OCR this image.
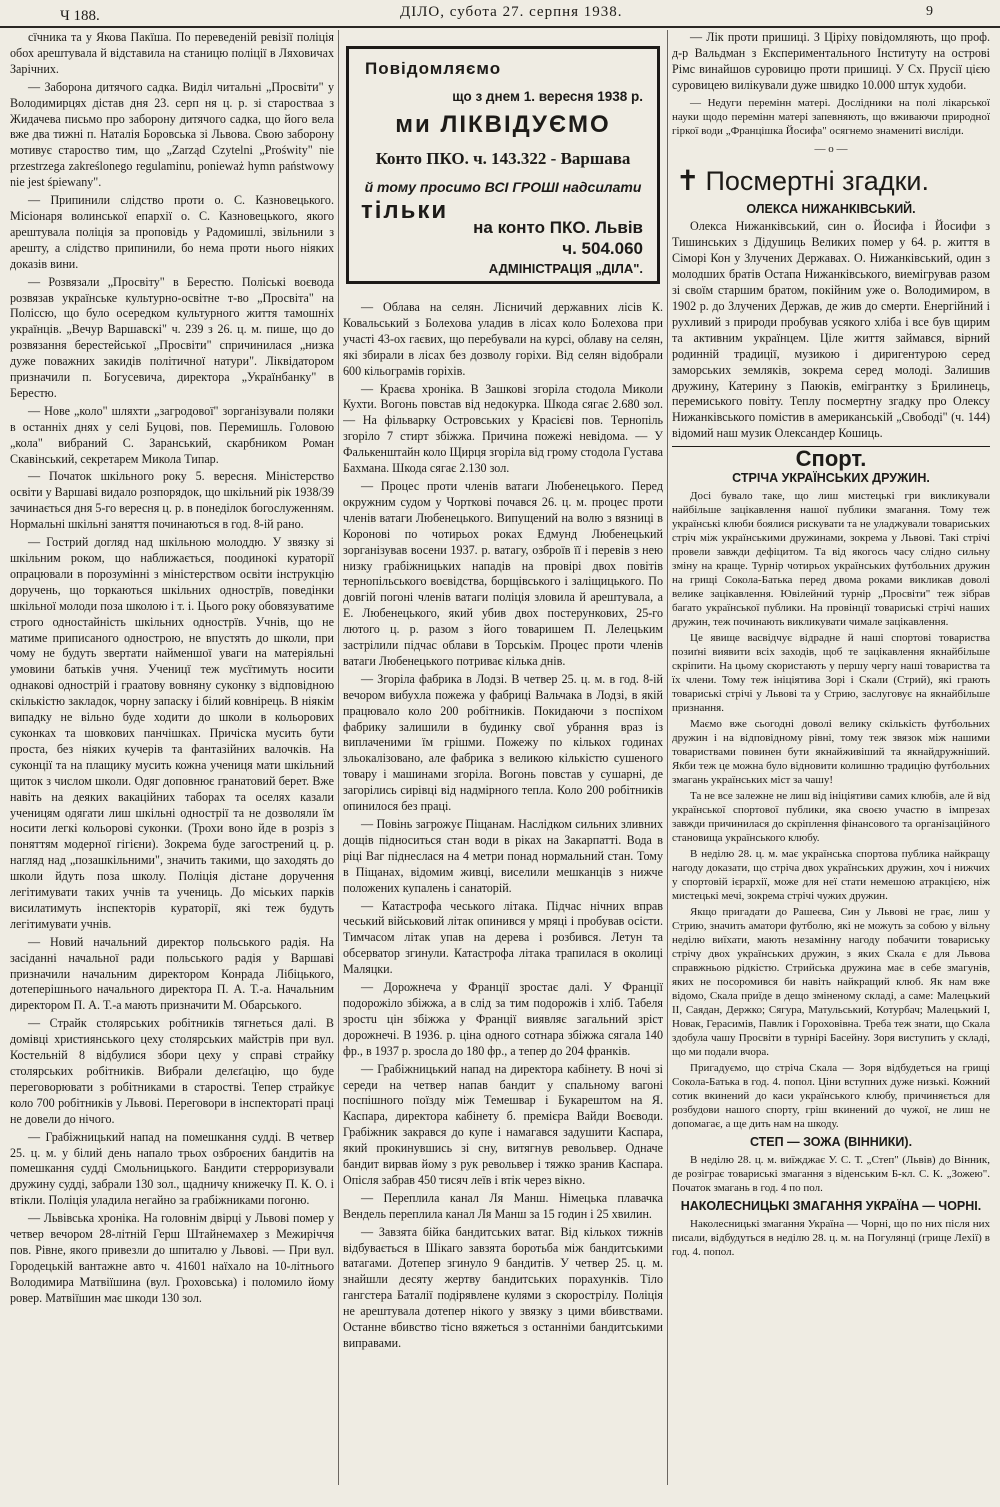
Ч 188.	ДІЛО, субота 27. серпня 1938.	9

сїчника та у Якова Пакїша. По переведеній ревізії поліція обох арештувала й відставила на станицю поліції в Ляховичах Зарічних.

— Заборона дитячого садка. Виділ читальні „Просвіти" у Володимирцях дістав дня 23. серп ня ц. р. зі старостваа з Жидачева письмо про заборону дитячого садка, що його вела вже два тижні п. Наталія Боровська зі Львова. Свою заборону мотивує староство тим, що „Zarząd Czytelni „Proświty" nie przestrzega zakreślonego regulaminu, ponieważ hymn państwowy nie jest śpiewany".

— Припинили слідство проти о. С. Казновецького. Місіонаря волинської епархії о. С. Казновецького, якого арештувала поліція за проповідь у Радомишлі, звільнили з арешту, а слідство припинили, бо нема проти нього ніяких доказів вини.

— Розвязали „Просвіту" в Берестю. Поліськi воєвода розвязав українське культурно-освітне т-во „Просвіта" на Поліссю, що було осередком культурного життя тамошніх українців. „Вечур Варшавскі" ч. 239 з 26. ц. м. пише, що до розвязання берестейської „Просвіти" спричинилася „низка дуже поважних закидів політичної натури". Ліквідатором призначили п. Богусевича, директора „Українбанку" в Берестю.

— Нове „коло" шляхти „загродової" зорганізували поляки в останніх днях у селі Буцові, пов. Перемишль. Головою „кола" вибраний С. Заранський, скарбником Роман Скавінський, секретарем Микола Типар.

— Початок шкільного року 5. вересня. Міністерство освіти у Варшаві видало розпорядок, що шкільний рік 1938/39 зачинається дня 5-го вересня ц. р. в понеділок богослуженням. Нормальні шкільні заняття починаються в год. 8-ій рано.

— Гострий догляд над шкільною молоддю. У звязку зі шкільним роком, що наближається, поодинокі кураторії опрацювали в порозумінні з міністерством освіти інструкцію доручень, що торкаються шкільних однострїв, поведінки шкільної молоди поза школою і т. і. Цього року обовязуватиме строго одностайність шкільних однострїв. Учнів, що не матиме приписаного однострою, не впустять до школи, при чому не будуть звертати найменшої уваги на матеріяльні умовини батьків учня. Ученицї теж мусїтимуть носити однакові однострій і граатову вовняну суконку з відповідною скількістю закладок, чорну запаску і білий ковнірець. В ніякім випадку не вільно буде ходити до школи в кольорових суконках та шовкових панчішках. Причіска мусить бути проста, без ніяких кучерів та фантазійних валочків. На суконції та на плащику мусить кожна учениця мати шкільний щиток з числом школи. Одяг доповнює гранатовий берет. Вже навіть на деяких вакаційних таборах та оселях казали ученицям одягати лиш шкільні однострії та не дозволяли їм носити легкі кольорові суконки. (Трохи воно йде в розріз з поняттям модерної гігієни). Зокрема буде загострений ц. р. нагляд над „позашкільними", значить такими, що заходять до школи йдуть поза школу. Поліція дістане доручення легітимувати таких учнів та учениць. До міських парків висилатимуть інспекторів кураторії, які теж будуть легітимувати учнів.

— Новий начальний директор польського радія. На засіданні начальної ради польського радія у Варшаві призначили начальним директором Конрада Лібіцького, дотеперішнього начального директора П. А. Т.-а. Начальним директором П. А. Т.-а мають призначити М. Обарського.

— Страйк столярських робітників тягнеться далі. В домівці християнського цеху столярських майстрів при вул. Костельній 8 відбулися збори цеху у справі страйку столярських робітників. Вибрали делєґацію, що буде переговорювати з робітниками в старостві. Тепер страйкує коло 700 робітників у Львові. Переговори в інспектораті праці не довели до нічого.

— Грабіжницький напад на помешкання судді. В четвер 25. ц. м. у білий день напало трьох озброєних бандитів на помешкання судді Смольницького. Бандити стерроризували дружину судді, забрали 130 зол., щадничу книжечку П. К. О. і втікли. Поліція уладила негайно за грабіжниками погоню.

— Львівська хроніка. На головнім двірці у Львові помер у четвер вечором 28-літній Герш Штайнемахер з Межиріччя пов. Рівне, якого привезли до шпиталю у Львові. — При вул. Городецькій вантажне авто ч. 41601 наїхало на 10-літнього Володимира Матвіїшина (вул. Гроховська) і поломило йому ровер. Матвіїшин має шкоди 130 зол.

Повідомляємо
що з днем 1. вересня 1938 р.
ми ЛІКВІДУЄМО
Конто ПКО. ч. 143.322 - Варшава
й тому просимо ВСІ ГРОШІ надсилати
тільки
на конто ПКО. Львів
ч. 504.060
АДМІНІСТРАЦІЯ „ДІЛА".

— Облава на селян. Лісничий державних лісів К. Ковальський з Болехова уладив в лісах коло Болехова при участі 43-ох гаєвих, що перебували на курсі, облаву на селян, які збирали в лісах без дозволу горіхи. Від селян відобрали 600 кільограмів горіхів.

— Краєва хроніка. В Зашкові згоріла стодола Миколи Кухти. Вогонь повстав від недокурка. Шкода сягає 2.680 зол. — На фільварку Островських у Красієві пов. Тернопіль згоріло 7 стирт збіжжа. Причина пожежі невідома. — У Фалькенштайн коло Щирця згоріла від грому стодола Густава Бахмана. Шкода сягає 2.130 зол.

— Процес проти членів ватаги Любенецького. Перед окружним судом у Чорткові почався 26. ц. м. процес проти членів ватаги Любенецького. Випущений на волю з вязниці в Коронові по чотирьох роках Едмунд Любенецький зорганізував восени 1937. р. ватагу, озброїв її і перевів з нею низку грабіжницьких нападів на провірі двох повітів тернопільського воєвідства, борщівського і заліщицького. По довгій погоні членів ватаги поліція зловила й арештувала, а Е. Любенецького, який убив двох постерунковиx, 25-го лютого ц. р. разом з його товаришем П. Лелецьким застрілили підчас облави в Торськім. Процес проти членів ватаги Любенецького потриває кілька днів.

— Згоріла фабрика в Лодзі. В четвер 25. ц. м. в год. 8-ій вечором вибухла пожежа у фабриці Вальчака в Лодзі, в якій працювало коло 200 робітників. Покидаючи з поспіхом фабрику залишили в будинку свої убрання враз із виплаченими їм грішми. Пожежу по кількох годинах зльокалізовано, але фабрика з великою кількістю сушеного товару і машинами згоріла. Вогонь повстав у сушарні, де загорілись сирівці від надмірного тепла. Коло 200 робітників опинилося без праці.

— Повінь загрожує Піщанам. Наслідком сильних зливних дощів підноситься стан води в ріках на Закарпатті. Вода в ріці Ваг піднеслася на 4 метри понад нормальний стан. Тому в Піщанах, відомим живці, виселили мешканців з нижче положених купалень і санаторій.

— Катастрофа чеського літака. Підчас нічних вправ чеський військовий літак опинився у мряці і пробував осісти. Тимчасом літак упав на дерева і розбився. Летун та обсерватор згинули. Катастрофа літака трапилася в околиці Маляцки.

— Дорожнеча у Франції зростає далі. У Франції подорожіло збіжжа, а в слід за тим подорожів і хліб. Табеля зростu цін збіжжа у Франції виявляє загальний зріст дорожнечі. В 1936. р. ціна одного сотнара збіжжа сягала 140 фр., в 1937 р. зросла до 180 фр., а тепер до 204 франків.

— Грабіжницький напад на директора кабінету. В ночі зі середи на четвер напав бандит у спальному вагоні поспішного поїзду між Темешвар і Букарештом на Я. Каспара, директора кабінету б. премієра Вайди Воєводи. Грабіжник закрався до купе і намагався задушити Каспара, який прокинувшись зі сну, витягнув револьвер. Одначе бандит вирвав йому з рук револьвер і тяжко зранив Каспара. Опісля забрав 450 тисяч леїв і втік через вікно.

— Переплила канал Ля Манш. Німецька плавачка Вендель переплила канал Ля Манш за 15 годин і 25 хвилин.

— Завзята бійка бандитських ватаг. Від кількох тижнів відбувається в Шікаго завзята боротьба між бандитськими ватагами. Дотепер згинуло 9 бандитів. У четвер 25. ц. м. знайшли десяту жертву бандитських порахунків. Тіло гангстера Баталії подірявлене кулями з скорострілу. Поліція не арештувала дотепер нікого у звязку з цими вбивствами. Останне вбивство тісно вяжеться з останніми бандитськими виправами.

— Лік проти пришиці. З Ціріху повідомляють, що проф. д-р Вальдман з Експериментального Інституту на острові Рімс винайшов суровицю проти пришиці. У Сх. Прусії цією суровицею вилікували дуже швидко 10.000 штук худоби.

— Недуги перемінн матері. Дослідники на полі лікарської науки щодо перемінн матері запевняють, що вживаючи природної гіркої води „Францішка Йосифа" осягнемо знаменитi висліди.

— о —
✝ Посмертні згадки.
ОЛЕКСА НИЖАНКІВСЬКИЙ.

Олекса Нижанківський, син о. Йосифа і Йосифи з Тишинських з Дідушиць Великих помер у 64. р. життя в Сіморі Кон у Злучених Державах. О. Нижанківський, один з молодших братів Остапа Нижанківського, виемігрував разом зі своїм старшим братом, покійним уже о. Володимиром, в 1902 р. до Злучених Держав, де жив до смерти. Енергійний і рухливий з природи пробував усякого хліба і все був щирим та активним українцем. Ціле життя займався, вірний родинній традиції, музикою і диригентурою серед заморських земляків, зокрема серед молоді. Залишив дружину, Катерину з Паюків, емігрантку з Брилинець, перемиського повіту. Теплу посмертну згадку про Олексу Нижанківського помістив в американській „Свободі" (ч. 144) відомий наш музик Олександер Кошиць.

Спорт.
СТРІЧА УКРАЇНСЬКИХ ДРУЖИН.

Досі бувало таке, що лиш мистецькі гри викликували найбільше зацікавлення нашої публики змагання. Тому теж українські клюби боялися рискувати та не уладжували товариських стріч між українськими дружинами, зокрема у Львові. Такі стрічі провели завжди дефіцитом. Та від якогось часу слідно сильну зміну на краще. Турнір чотирьох українських футбольних дружин на грищі Сокола-Батька перед двома роками викликав доволі велике зацікавлення. Ювілейний турнір „Просвіти" теж зібрав багато української публики. На провінції товариські стрічі наших дружин, теж починають викликувати чимале зацікавлення.

Це явище васвідчує відрадне й наші спортові товариства позиґні виявити всіх заходів, щоб те зацікавлення якнайбільше скріпити. На цьому скористають у першу чергу наші товариства та їх члени. Тому теж ініціятива Зорі і Скали (Стрий), які грають товариські стрічі у Львові та у Стрию, заслуговує на якнайбільше признання.

Маємо вже сьогодні доволі велику скількість футбольних дружин і на відповідному рівні, тому теж звязок між нашими товариствами повинен бути якнайживіший та якнайдружніший. Якби теж це можна було відновити колишню традицію футбольних змагань українських міст за чашу!

Та не все залежне не лиш від ініціятиви самих клюбів, але й від української спортової публики, яка своєю участю в імпрезах завжди причинилася до скріплення фінансового та організаційного становища українського клюбу.

В неділю 28. ц. м. має українська спортова публика найкращу нагоду доказати, що стріча двох українських дружин, хоч і нижчих у спортовій ієрархії, може для неї стати немешою атракцією, ніж мистецькі мечі, зокрема стрічі чужих дружин.

Якщо пригадати до Рашеєва, Син у Львові не грає, лиш у Стрию, значить аматори футболю, які не можуть за собою у вільну неділю виїхати, мають незамінну нагоду побачити товариську стрічу двох українських дружин, з яких Скала є для Львова справжньою рідкістю. Стрийська дружина має в себе змагунів, яких не посоромився би навіть найкращий клюб. Як нам вже відомо, Скала приїде в дещо зміненому складі, а саме: Малецький II, Саядан, Держко; Сягура, Матульський, Котурбач; Малецький I, Новак, Герасимів, Павлик і Гороховівна. Треба теж знати, що Скала здобула чашу Просвіти в турнірі Басейну. Зоря виступить у складі, що ми подали вчора.

Пригадуємо, що стріча Скала — Зоря відбудеться на грищі Сокола-Батька в год. 4. попол. Ціни вступних дуже низькі. Кожний сотик вкинений до каси українського клюбу, причиняється для розбудови нашого спорту, гріш вкинений до чужої, не лиш не допомагає, а ще дить нам на шкоду.

СТЕП — ЗОЖА (ВІННИКИ).

В неділю 28. ц. м. виїжджає У. С. Т. „Степ" (Львів) до Вінник, де розіграє товариські змагання з віденським Б-кл. С. К. „Зожею". Початок змагань в год. 4 по пол.

НАКОЛЕСНИЦЬКІ ЗМАГАННЯ УКРАЇНА — ЧОРНІ.

Наколесницькі змагання Україна — Чорні, що по них після них пиcали, відбудуться в неділю 28. ц. м. на Погулянці (грище Лехії) в год. 4. попол.
